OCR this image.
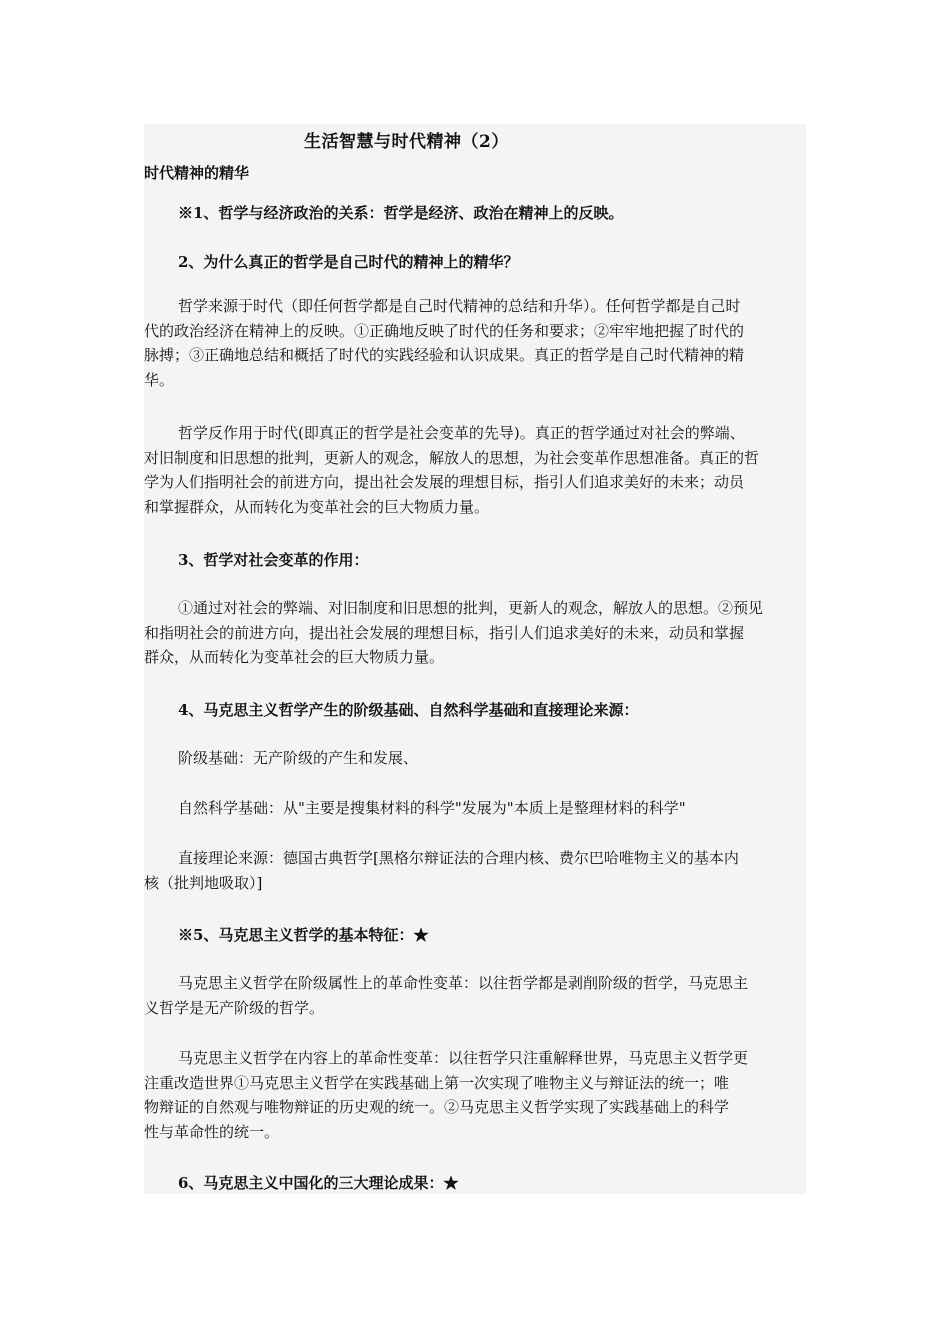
生活智慧与时代精神（2）
时代精神的精华
※1、哲学与经济政治的关系：哲学是经济、政治在精神上的反映。
2、为什么真正的哲学是自己时代的精神上的精华？
哲学来源于时代（即任何哲学都是自己时代精神的总结和升华）。任何哲学都是自己时
代的政治经济在精神上的反映。①正确地反映了时代的任务和要求；②牢牢地把握了时代的
脉搏；③正确地总结和概括了时代的实践经验和认识成果。真正的哲学是自己时代精神的精
华。
哲学反作用于时代(即真正的哲学是社会变革的先导)。真正的哲学通过对社会的弊端、
对旧制度和旧思想的批判，更新人的观念，解放人的思想，为社会变革作思想准备。真正的哲
学为人们指明社会的前进方向，提出社会发展的理想目标，指引人们追求美好的未来；动员
和掌握群众，从而转化为变革社会的巨大物质力量。
3、哲学对社会变革的作用：
①通过对社会的弊端、对旧制度和旧思想的批判，更新人的观念，解放人的思想。②预见
和指明社会的前进方向，提出社会发展的理想目标，指引人们追求美好的未来，动员和掌握
群众，从而转化为变革社会的巨大物质力量。
4、马克思主义哲学产生的阶级基础、自然科学基础和直接理论来源：
阶级基础：无产阶级的产生和发展、
自然科学基础：从"主要是搜集材料的科学"发展为"本质上是整理材料的科学"
直接理论来源：德国古典哲学[黑格尔辩证法的合理内核、费尔巴哈唯物主义的基本内
核（批判地吸取）]
※5、马克思主义哲学的基本特征：★
马克思主义哲学在阶级属性上的革命性变革：以往哲学都是剥削阶级的哲学，马克思主
义哲学是无产阶级的哲学。
马克思主义哲学在内容上的革命性变革：以往哲学只注重解释世界，马克思主义哲学更
注重改造世界①马克思主义哲学在实践基础上第一次实现了唯物主义与辩证法的统一；唯
物辩证的自然观与唯物辩证的历史观的统一。②马克思主义哲学实现了实践基础上的科学
性与革命性的统一。
6、马克思主义中国化的三大理论成果：★
